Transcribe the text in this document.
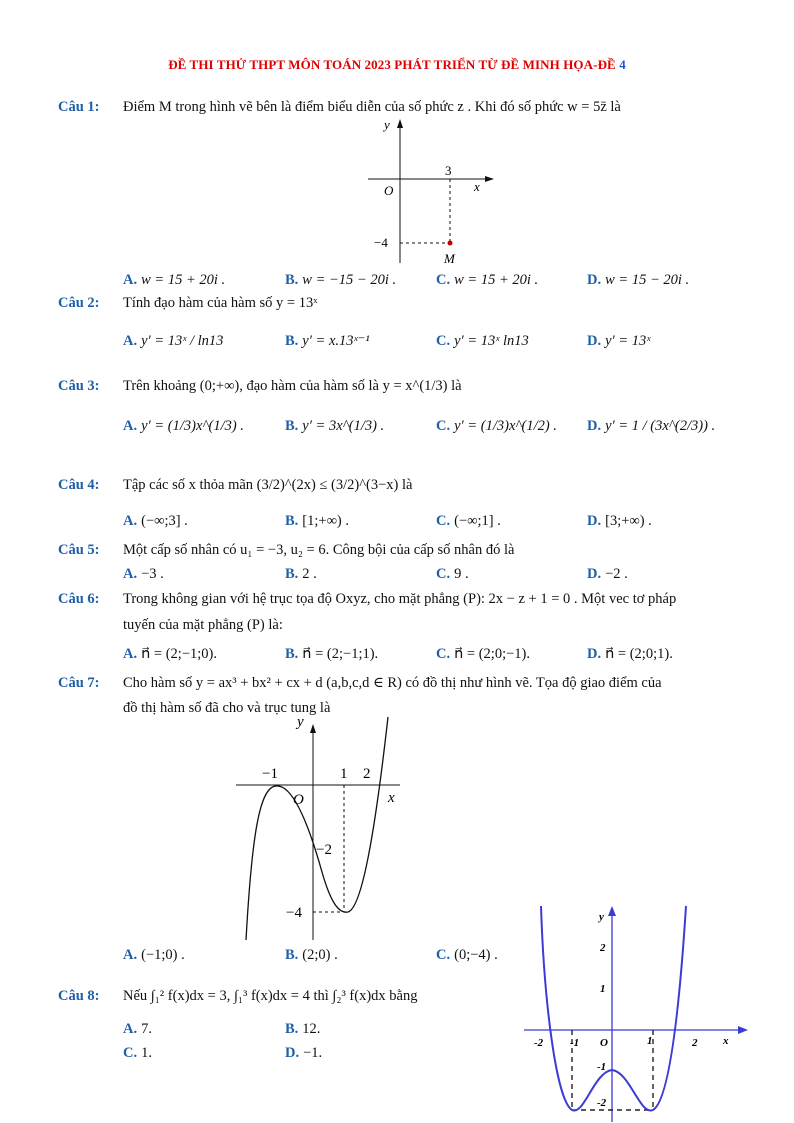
ĐỀ THI THỬ THPT MÔN TOÁN 2023 PHÁT TRIỂN TỪ ĐỀ MINH HỌA-ĐỀ 4
Câu 1: Điểm M trong hình vẽ bên là điểm biểu diễn của số phức z . Khi đó số phức w = 5z̄ là
y
x
O
3
−4
M
A. w = 15 + 20i .	B. w = −15 − 20i .	C. w = 15 + 20i .	D. w = 15 − 20i .
Câu 2: Tính đạo hàm của hàm số y = 13ˣ
A. y′ = 13ˣ / ln13	B. y′ = x.13ˣ⁻¹	C. y′ = 13ˣ ln13	D. y′ = 13ˣ
Câu 3: Trên khoảng (0;+∞), đạo hàm của hàm số là y = x^(1/3) là
A. y′ = (1/3)x^(1/3) .	B. y′ = 3x^(1/3) .	C. y′ = (1/3)x^(1/2) . D. y′ = 1 / (3x^(2/3)) .
Câu 4: Tập các số x thỏa mãn (3/2)^(2x) ≤ (3/2)^(3−x) là
A. (−∞;3] .	B. [1;+∞) .	C. (−∞;1] .	D. [3;+∞) .
Câu 5: Một cấp số nhân có u₁ = −3, u₂ = 6. Công bội của cấp số nhân đó là
A. −3 .	B. 2 .	C. 9 .	D. −2 .
Câu 6: Trong không gian với hệ trục tọa độ Oxyz, cho mặt phẳng (P): 2x − z + 1 = 0 . Một vec tơ pháp
tuyến của mặt phẳng (P) là:
A. n⃗ = (2;−1;0).	B. n⃗ = (2;−1;1).	C. n⃗ = (2;0;−1).	D. n⃗ = (2;0;1).
Câu 7: Cho hàm số y = ax³ + bx² + cx + d (a,b,c,d ∈ R) có đồ thị như hình vẽ. Tọa độ giao điểm của
đồ thị hàm số đã cho và trục tung là
y
x
O
−1	1 2
−2
−4
A. (−1;0) .	B. (2;0) .	C. (0;−4) .
Câu 8: Nếu ∫₁² f(x)dx = 3, ∫₁³ f(x)dx = 4 thì ∫₂³ f(x)dx bằng
A. 7.	B. 12.
C. 1.	D. −1.
y
x
O
2
1
-1
-2
-1	1
-2	2
